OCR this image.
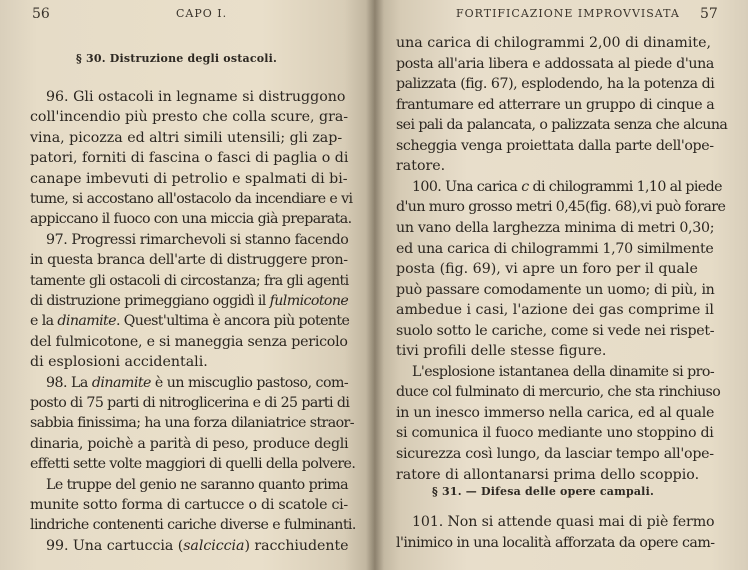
56	CAPO I.
§ 30. Distruzione degli ostacoli.
96. Gli ostacoli in legname si distruggono
coll'incendio più presto che colla scure, gra-
vina, picozza ed altri simili utensili; gli zap-
patori, forniti di fascina o fasci di paglia o di
canape imbevuti di petrolio e spalmati di bi-
tume, si accostano all'ostacolo da incendiare e vi
appiccano il fuoco con una miccia già preparata.
97. Progressi rimarchevoli si stanno facendo
in questa branca dell'arte di distruggere pron-
tamente gli ostacoli di circostanza; fra gli agenti
di distruzione primeggiano oggidì il fulmicotone
e la dinamite. Quest'ultima è ancora più potente
del fulmicotone, e si maneggia senza pericolo
di esplosioni accidentali.
98. La dinamite è un miscuglio pastoso, com-
posto di 75 parti di nitroglicerina e di 25 parti di
sabbia finissima; ha una forza dilaniatrice straor-
dinaria, poichè a parità di peso, produce degli
effetti sette volte maggiori di quelli della polvere.
Le truppe del genio ne saranno quanto prima
munite sotto forma di cartucce o di scatole ci-
lindriche contenenti cariche diverse e fulminanti.
99. Una cartuccia (salciccia) racchiudente
FORTIFICAZIONE IMPROVVISATA 57
una carica di chilogrammi 2,00 di dinamite,
posta all'aria libera e addossata al piede d'una
palizzata (fig. 67), esplodendo, ha la potenza di
frantumare ed atterrare un gruppo di cinque a
sei pali da palancata, o palizzata senza che alcuna
scheggia venga proiettata dalla parte dell'ope-
ratore.
100. Una carica c di chilogrammi 1,10 al piede
d'un muro grosso metri 0,45(fig. 68),vi può forare
un vano della larghezza minima di metri 0,30;
ed una carica di chilogrammi 1,70 similmente
posta (fig. 69), vi apre un foro per il quale
può passare comodamente un uomo; di più, in
ambedue i casi, l'azione dei gas comprime il
suolo sotto le cariche, come si vede nei rispet-
tivi profili delle stesse figure.
L'esplosione istantanea della dinamite si pro-
duce col fulminato di mercurio, che sta rinchiuso
in un inesco immerso nella carica, ed al quale
si comunica il fuoco mediante uno stoppino di
sicurezza così lungo, da lasciar tempo all'ope-
ratore di allontanarsi prima dello scoppio.
§ 31. — Difesa delle opere campali.
101. Non si attende quasi mai di piè fermo
l'inimico in una località afforzata da opere cam-
